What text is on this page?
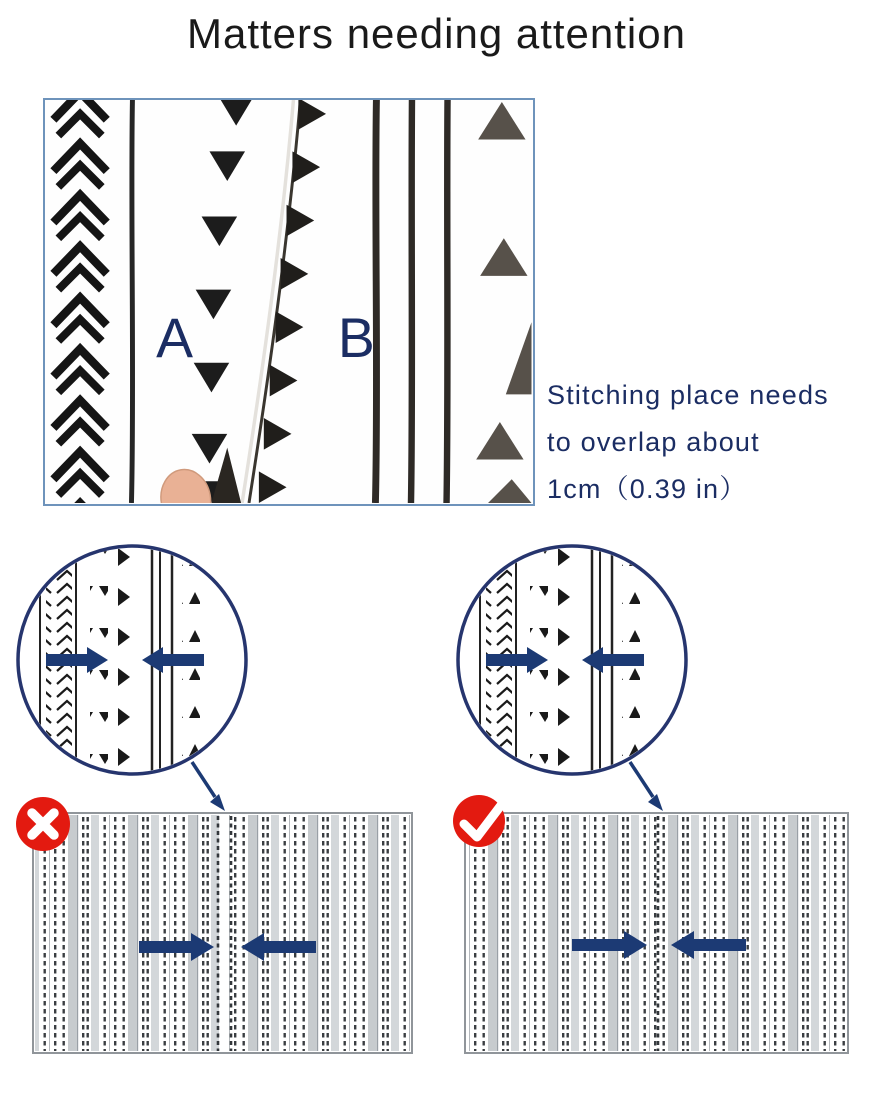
Matters needing attention
A	B
Stitching place needs
to overlap about
1cm（0.39 in）
